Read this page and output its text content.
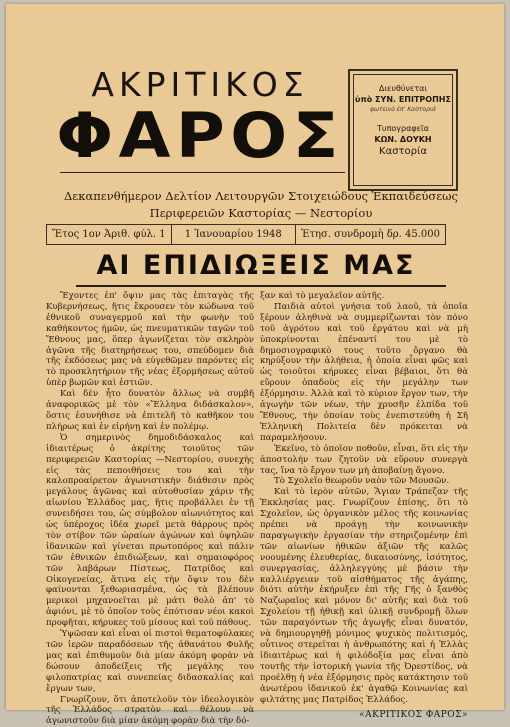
ΑΚΡΙΤΙΚΟΣ
ΦΑΡΟΣ
Διευθύνεται
ὑπὸ ΣΥΝ. ΕΠΙΤΡΟΠΗΣ
φωτεινὸ ἐπ' Καστοριᾶ
Τυπογραφεῖα
ΚΩΝ. ΔΟΥΚΗ
Καστορία
Δεκαπενθήμερον Δελτίον Λειτουργῶν Στοιχειώδους Ἐκπαιδεύσεως
Περιφερειῶν Καστορίας — Νεστορίου
Ἔτος 1ον Ἀριθ. φύλ. 1	1 Ἰανουαρίου 1948	Ἐτησ. συνδρομὴ δρ. 45.000
ΑΙ ΕΠΙΔΙΩΞΕΙΣ ΜΑΣ

Ἔχοντες ἐπ' ὄψιν μας τὰς ἐπιταγὰς τῆς Κυβερνήσεως, ἥτις ἔκρουσεν τὸν κώδωνα τοῦ ἐθνικοῦ συναγερμοῦ καὶ τὴν φωνὴν τοῦ καθήκοντος ἡμῶν, ὡς πνευματικῶν ταγῶν τοῦ Ἔθνους μας, ὅπερ ἀγωνίζεται τὸν σκληρὸν ἀγῶνα τῆς διατηρήσεως του, σπεύδομεν διὰ τῆς ἐκδόσεως μας νὰ εὐγεθῶμεν παρόντες εἰς τὸ προσκλητήριον τῆς νέας ἐξορμήσεως αὐτοῦ ὑπὲρ βωμῶν καὶ ἑστιῶν.

Καὶ δὲν ἦτο δυνατὸν ἄλλως νὰ συμβῆ ἀναφορικῶς μὲ τὸν «Ἕλληνα διδάσκαλον», ὅστις ἐσυνήθισε νὰ ἐπιτελῆ τὸ καθῆκον του πλήρως καὶ ἐν εἰρήνῃ καὶ ἐν πολέμῳ.

Ὁ σημερινὸς δημοδιδάσκαλος καὶ ἰδιαιτέρως ὁ ἀκρίτης τοιοῦτος τῶν περιφερειῶν Καστορίας —Νεστορίου, συνεχὴς εἰς τὰς πεποιθήσεις του καὶ τὴν καλοπροαίρετον ἀγωνιστικὴν διάθεσιν πρὸς μεγάλους ἀγῶνας καὶ αὐτοθυσίαν χάριν τῆς αἰωνίου Ἑλλάδος μας, ἥτις προβάλλει ἐν τῇ συνειδήσει του, ὡς σύμβολον αἰωνιότητος καὶ ὡς ὑπέροχος ἰδέα χωρεῖ μετὰ θάρρους πρὸς τὸν στίβον τῶν ὡραίων ἀγώνων καὶ ὑψηλῶν ἰδανικῶν καὶ γίνεται πρωτοπόρος καὶ πάλιν τῶν ἐθνικῶν ἐπιδιώξεων, καὶ σημαιοφόρος τῶν λαβάρων Πίστεως, Πατρίδος καὶ Οἰκογενείας, ἅτινα εἰς τὴν ὄψιν του δὲν φαίνονται ξεθωριασμένα, ὡς τὰ βλέπουν μερικοὶ μηχανοεῖται μὲ μάτι θολὸ ἀπ' τὸ ἀφιόνι, μὲ τὸ ὁποῖον τοὺς ἐπότισαν νέοι κακοὶ προφῆται, κήρυκες τοῦ μίσους καὶ τοῦ πάθους.

Ὑψῶσαν καὶ εἶναι οἱ πιστοὶ θεματοφύλακες τῶν ἱερῶν παραδόσεων τῆς ἀθανάτου Φυλῆς μας καὶ ἐπιθυμοῦν διὰ μίαν ἀκόμη φορὰν νὰ δώσουν ἀποδείξεις τῆς μεγάλης του φιλοπατρίας καὶ συνεπείας διδασκαλίας καὶ ἔργων των,

Γνωρίζουν, ὅτι ἀποτελοῦν τὸν ἰδεολογικὸν τῆς Ἑλλάδος στρατὸν καὶ θέλουν νὰ ἀγωνιστοῦν διὰ μίαν ἀκόμη φορὰν διὰ τὴν δό-

ξαν καὶ τὸ μεγαλεῖον αὐτῆς.

Παιδιὰ αὐτοὶ γνήσια τοῦ λαοῦ, τὰ ὁποῖα ξέρουν ἀληθινὰ νὰ συμμερίζωνται τὸν πόνο τοῦ ἀγρότου καὶ τοῦ ἐργάτου καὶ νὰ μὴ ὑποκρίνονται ἐπέναντί του μὲ τὸ δημοσιογραφικὸ τους τοῦτο ὄργανο θὰ κηρύξουν τὴν ἀλήθεια, ἡ ὁποία εἶναι φῶς καὶ ὡς τοιοῦτοι κήρυκες εἶναι βέβαιοι, ὅτι θὰ εὕρουν ὀπαδοὺς εἰς τὴν μεγάλην των ἐξόρμησιν. Ἀλλὰ καὶ τὸ κύριον ἔργον των, τὴν ἀγωγὴν τῶν νέων, τὴν χρυσῆν ἐλπίδα τοῦ Ἔθνους, τὴν ὁποίαν τοὺς ἐνεπιστεύθη ἡ Σῆ Ἑλληνικὴ Πολιτεία δὲν πρόκειται νὰ παραμελήσουν.

Ἐκεῖνο, τὸ ὁποῖον ποθοῦν, εἶναι, ὅτι εἰς τὴν ἀποστολήν των ζητοῦν νὰ εὕρουν συνεργὰ τας, ἵνα τὸ ἔργον των μὴ ἀποβαίνῃ ἄγονο.

Τὸ Σχολεῖο θεωροῦν ναὸν τῶν Μουσῶν.

Καὶ τὸ ἱερὸν αὐτῶν, Ἅγιαν Τράπεζαν τῆς Ἐκκλησίας μας. Γνωρίζουν ἐπίσης, ὅτι τὸ Σχολεῖον, ὡς ὀργανικὸν μέλος τῆς κοινωνίας πρέπει νὰ προάγῃ τὴν κοινωνικὴν παραγωγικὴν ἐργασίαν τὴν στηριζομένην ἐπὶ τῶν αἰωνίων ἠθικῶν ἀξιῶν τῆς καλῶς νοουμένης ἐλευθερίας, δικαιοσύνης, ἰσότητος, συνεργασίας, ἀλληλεγγύης μὲ βάσιν τὴν καλλιέργειαν τοῦ αἰσθήματος τῆς ἀγάπης, διότι αὐτὴν ἐκήρυξεν ἐπὶ τῆς Γῆς ὁ ξανθὸς Ναζωραῖος καὶ μόνον δι' αὐτῆς καὶ διὰ τοῦ Σχολείου τῇ ἠθικῇ καὶ ὑλικῇ συνδρομῇ ὅλων τῶν παραγόντων τῆς ἀγωγῆς εἶναι δυνατόν, νὰ δημιουργηθῇ μόνιμος ψυχικὸς πολιτισμός, οὗτινος στερεῖται ἡ ἀνθρωπότης καὶ ἡ Ἑλλὰς ἰδιαιτέρως καὶ ἡ φιλόδοξία μας εἶναι ἀπὸ τουτῆς τὴν ἱστορικὴ γωνία τῆς Ὀρεστίδος, νὰ προέλθῃ ἡ νέα ἐξόρμησις πρὸς κατάκτησιν τοῦ ἀνωτέρου ἰδανικοῦ ἐκ' ἀγαθῷ Κοινωνίας καὶ φιλτάτης μας Πατρίδος Ἑλλάδος.

«ΑΚΡΙΤΙΚΟΣ ΦΑΡΟΣ»
